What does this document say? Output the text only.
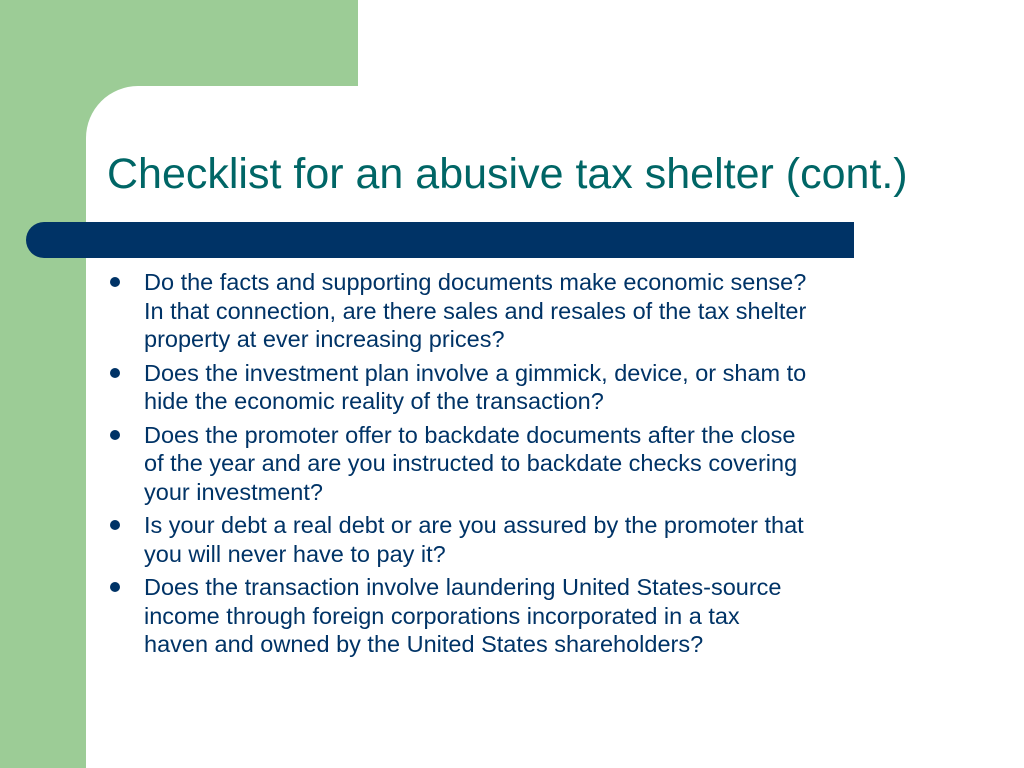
Checklist for an abusive tax shelter (cont.)
Do the facts and supporting documents make economic sense?
In that connection, are there sales and resales of the tax shelter
property at ever increasing prices?
Does the investment plan involve a gimmick, device, or sham to
hide the economic reality of the transaction?
Does the promoter offer to backdate documents after the close
of the year and are you instructed to backdate checks covering
your investment?
Is your debt a real debt or are you assured by the promoter that
you will never have to pay it?
Does the transaction involve laundering United States-source
income through foreign corporations incorporated in a tax
haven and owned by the United States shareholders?
